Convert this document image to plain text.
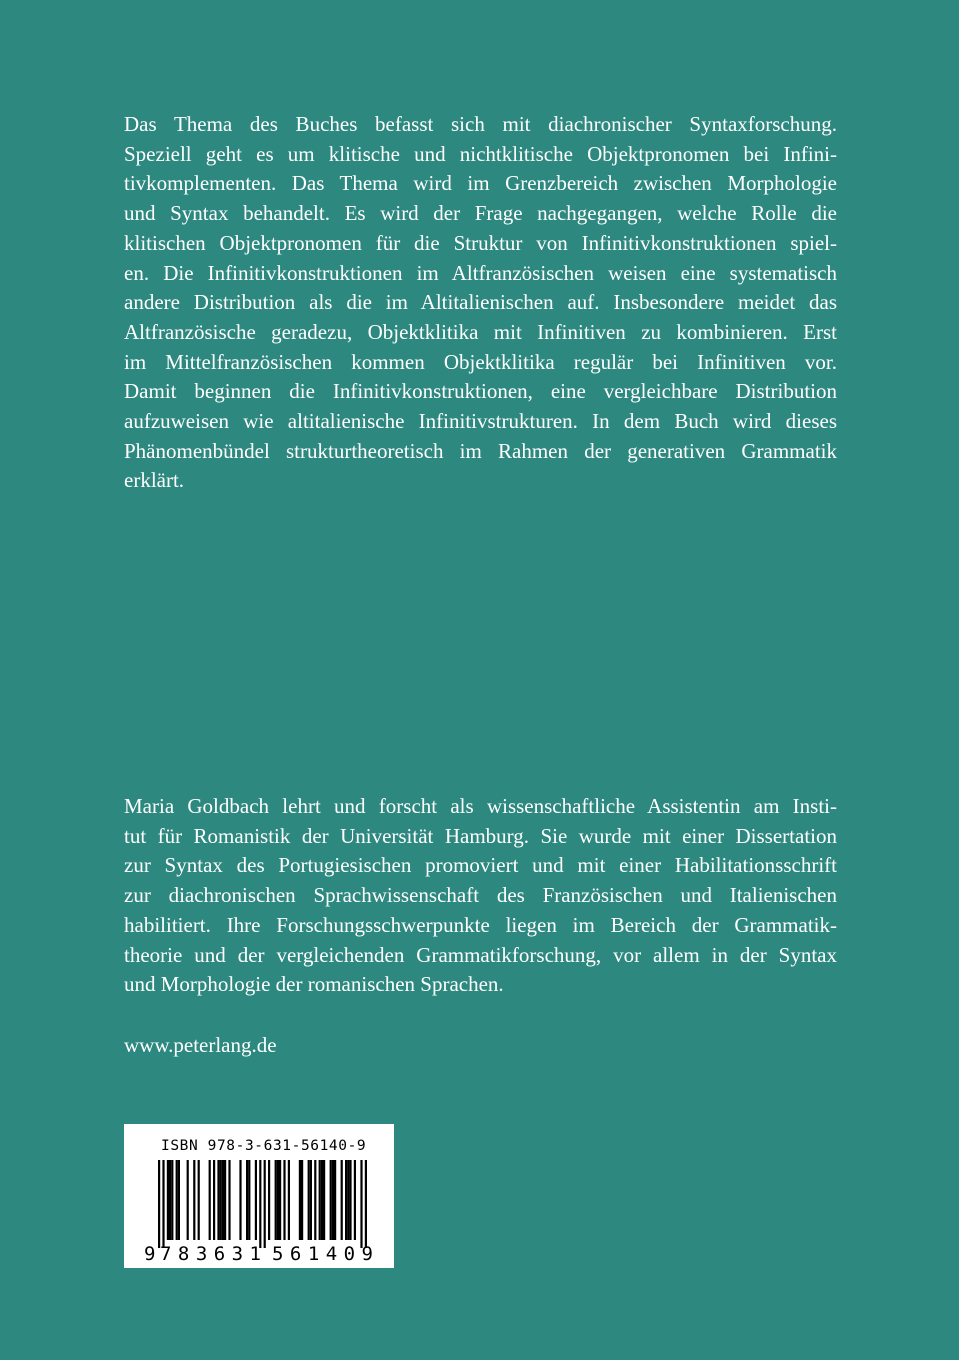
Das Thema des Buches befasst sich mit diachronischer Syntaxforschung.
Speziell geht es um klitische und nichtklitische Objektpronomen bei Infini-
tivkomplementen. Das Thema wird im Grenzbereich zwischen Morphologie
und Syntax behandelt. Es wird der Frage nachgegangen, welche Rolle die
klitischen Objektpronomen für die Struktur von Infinitivkonstruktionen spiel-
en. Die Infinitivkonstruktionen im Altfranzösischen weisen eine systematisch
andere Distribution als die im Altitalienischen auf. Insbesondere meidet das
Altfranzösische geradezu, Objektklitika mit Infinitiven zu kombinieren. Erst
im Mittelfranzösischen kommen Objektklitika regulär bei Infinitiven vor.
Damit beginnen die Infinitivkonstruktionen, eine vergleichbare Distribution
aufzuweisen wie altitalienische Infinitivstrukturen. In dem Buch wird dieses
Phänomenbündel strukturtheoretisch im Rahmen der generativen Grammatik
erklärt.
Maria Goldbach lehrt und forscht als wissenschaftliche Assistentin am Insti-
tut für Romanistik der Universität Hamburg. Sie wurde mit einer Dissertation
zur Syntax des Portugiesischen promoviert und mit einer Habilitationsschrift
zur diachronischen Sprachwissenschaft des Französischen und Italienischen
habilitiert. Ihre Forschungsschwerpunkte liegen im Bereich der Grammatik-
theorie und der vergleichenden Grammatikforschung, vor allem in der Syntax
und Morphologie der romanischen Sprachen.
www.peterlang.de
9 783631 561409
ISBN 978-3-631-56140-9
